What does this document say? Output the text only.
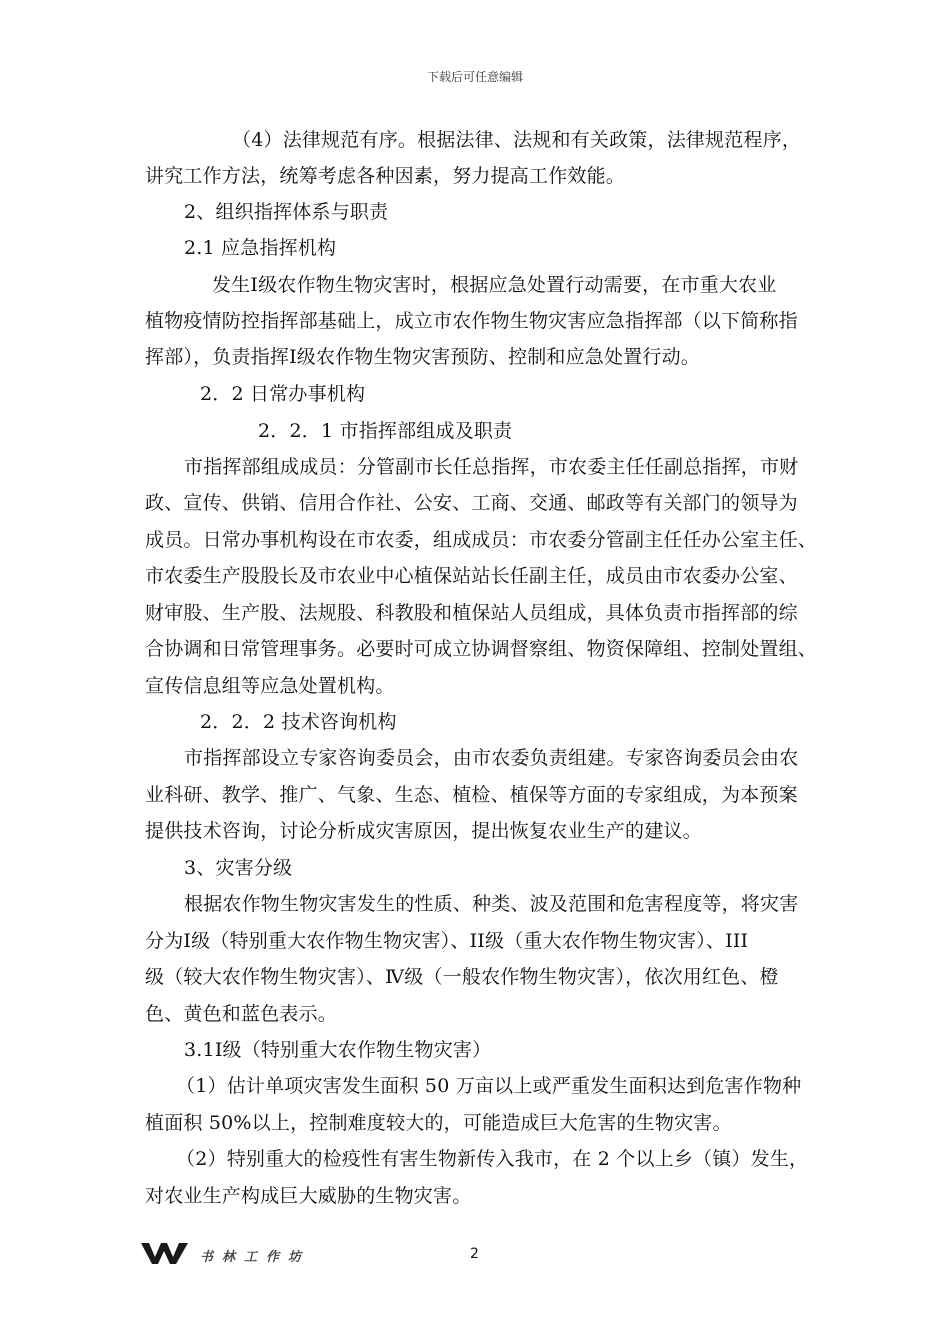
下载后可任意编辑
（4）法律规范有序。根据法律、法规和有关政策，法律规范程序，
讲究工作方法，统筹考虑各种因素，努力提高工作效能。
2、组织指挥体系与职责
2.1 应急指挥机构
发生Ⅰ级农作物生物灾害时，根据应急处置行动需要，在市重大农业
植物疫情防控指挥部基础上，成立市农作物生物灾害应急指挥部（以下简称指
挥部），负责指挥Ⅰ级农作物生物灾害预防、控制和应急处置行动。
2．2 日常办事机构
2．2．1 市指挥部组成及职责
市指挥部组成成员：分管副市长任总指挥，市农委主任任副总指挥，市财
政、宣传、供销、信用合作社、公安、工商、交通、邮政等有关部门的领导为
成员。日常办事机构设在市农委，组成成员：市农委分管副主任任办公室主任、
市农委生产股股长及市农业中心植保站站长任副主任，成员由市农委办公室、
财审股、生产股、法规股、科教股和植保站人员组成，具体负责市指挥部的综
合协调和日常管理事务。必要时可成立协调督察组、物资保障组、控制处置组、
宣传信息组等应急处置机构。
2．2．2 技术咨询机构
市指挥部设立专家咨询委员会，由市农委负责组建。专家咨询委员会由农
业科研、教学、推广、气象、生态、植检、植保等方面的专家组成，为本预案
提供技术咨询，讨论分析成灾害原因，提出恢复农业生产的建议。
3、灾害分级
根据农作物生物灾害发生的性质、种类、波及范围和危害程度等，将灾害
分为Ⅰ级（特别重大农作物生物灾害）、II级（重大农作物生物灾害）、III
级（较大农作物生物灾害）、Ⅳ级（一般农作物生物灾害），依次用红色、橙
色、黄色和蓝色表示。
3.1Ⅰ级（特别重大农作物生物灾害）
（1）估计单项灾害发生面积 50 万亩以上或严重发生面积达到危害作物种
植面积 50%以上，控制难度较大的，可能造成巨大危害的生物灾害。
（2）特别重大的检疫性有害生物新传入我市，在 2 个以上乡（镇）发生，
对农业生产构成巨大威胁的生物灾害。
书林工作坊	2
